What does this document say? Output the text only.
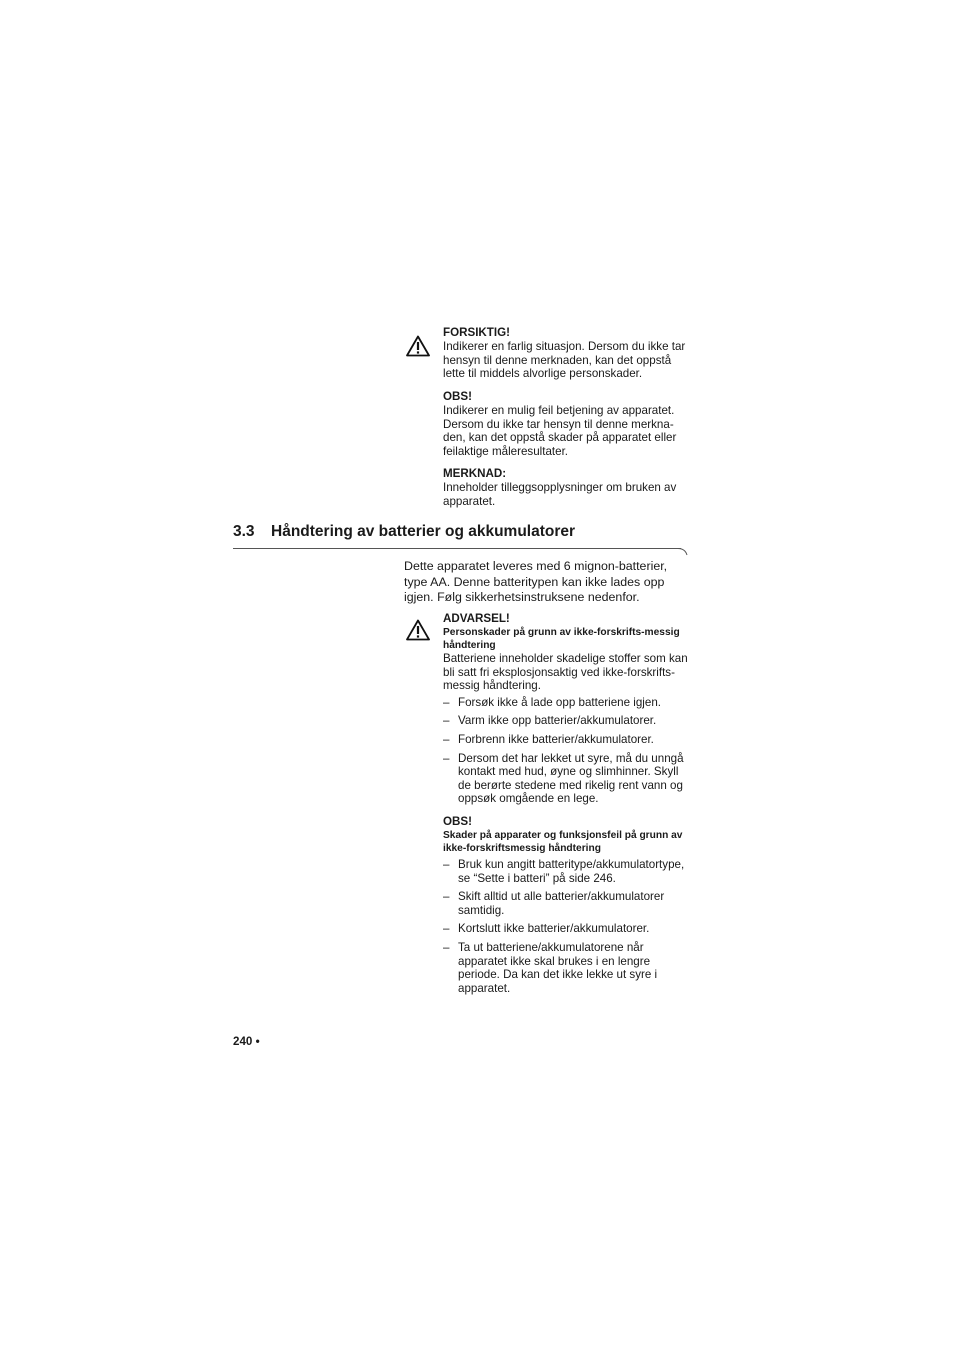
FORSIKTIG!

Indikerer en farlig situasjon. Dersom du ikke tar hensyn til denne merknaden, kan det oppstå lette til middels alvorlige personskader.

OBS!

Indikerer en mulig feil betjening av apparatet. Dersom du ikke tar hensyn til denne merkna-den, kan det oppstå skader på apparatet eller feilaktige måleresultater.

MERKNAD:

Inneholder tilleggsopplysninger om bruken av apparatet.

3.3 Håndtering av batterier og akkumulatorer

Dette apparatet leveres med 6 mignon-batterier, type AA. Denne batteritypen kan ikke lades opp igjen. Følg sikkerhetsinstruksene nedenfor.

ADVARSEL!

Personskader på grunn av ikke-forskrifts-messig håndtering

Batteriene inneholder skadelige stoffer som kan bli satt fri eksplosjonsaktig ved ikke-forskrifts-messig håndtering.

– Forsøk ikke å lade opp batteriene igjen.
– Varm ikke opp batterier/akkumulatorer.
– Forbrenn ikke batterier/akkumulatorer.
– Dersom det har lekket ut syre, må du unngå kontakt med hud, øyne og slimhinner. Skyll de berørte stedene med rikelig rent vann og oppsøk omgående en lege.

OBS!

Skader på apparater og funksjonsfeil på grunn av ikke-forskriftsmessig håndtering

– Bruk kun angitt batteritype/akkumulatortype, se “Sette i batteri” på side 246.
– Skift alltid ut alle batterier/akkumulatorer samtidig.
– Kortslutt ikke batterier/akkumulatorer.
– Ta ut batteriene/akkumulatorene når apparatet ikke skal brukes i en lengre periode. Da kan det ikke lekke ut syre i apparatet.
240 •
